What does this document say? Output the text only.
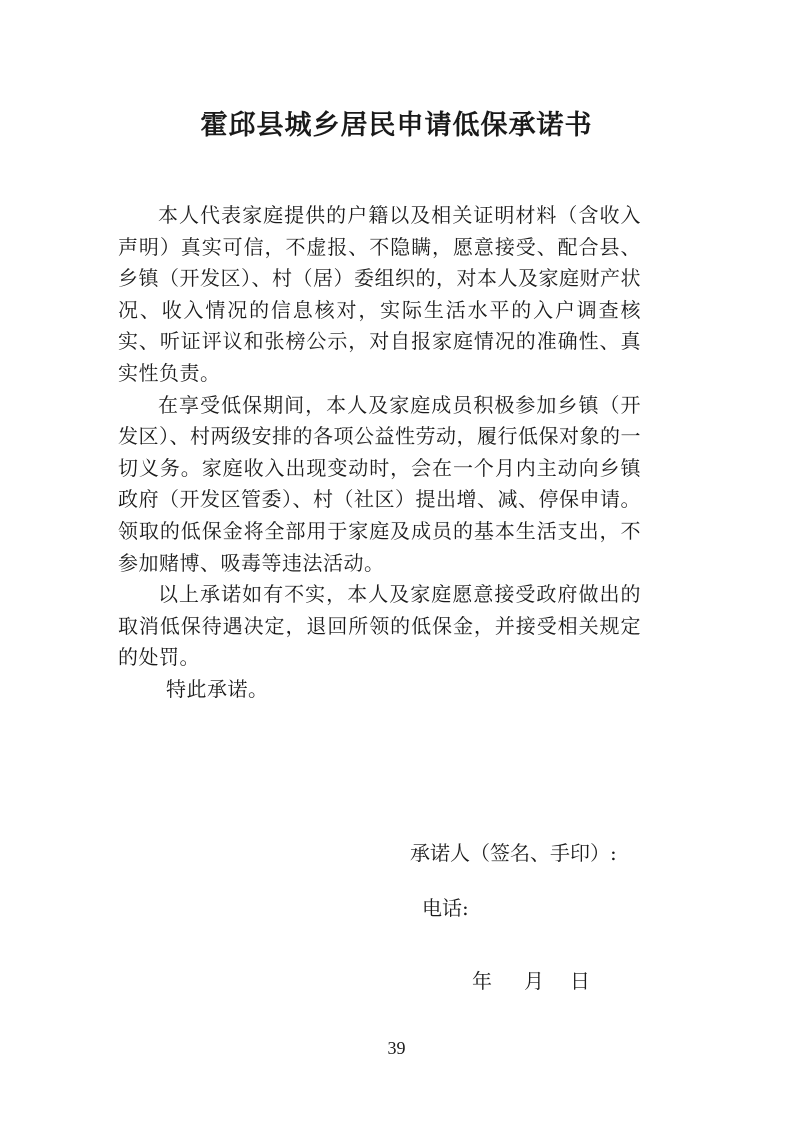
霍邱县城乡居民申请低保承诺书

本人代表家庭提供的户籍以及相关证明材料（含收入声明）真实可信，不虚报、不隐瞒，愿意接受、配合县、乡镇（开发区）、村（居）委组织的，对本人及家庭财产状况、收入情况的信息核对，实际生活水平的入户调查核实、听证评议和张榜公示，对自报家庭情况的准确性、真实性负责。

在享受低保期间，本人及家庭成员积极参加乡镇（开发区）、村两级安排的各项公益性劳动，履行低保对象的一切义务。家庭收入出现变动时，会在一个月内主动向乡镇政府（开发区管委）、村（社区）提出增、减、停保申请。领取的低保金将全部用于家庭及成员的基本生活支出，不参加赌博、吸毒等违法活动。

以上承诺如有不实，本人及家庭愿意接受政府做出的取消低保待遇决定，退回所领的低保金，并接受相关规定的处罚。

特此承诺。

承诺人（签名、手印）:
电话:
年 月 日
39
